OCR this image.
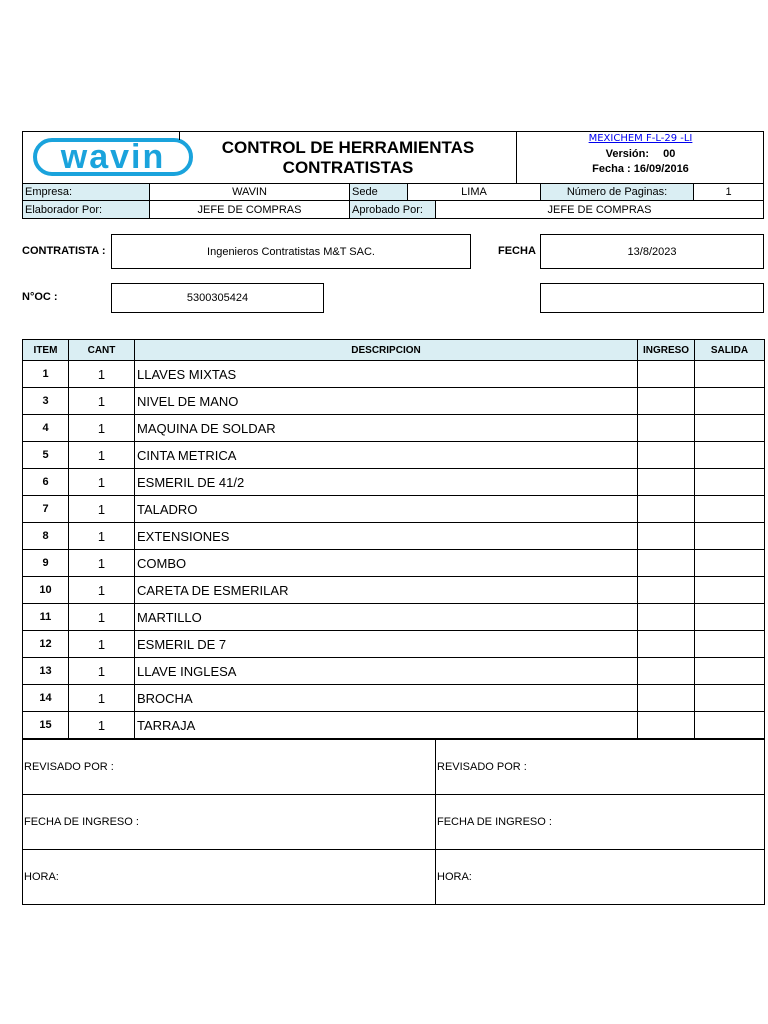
wavin	CONTROL DE HERRAMIENTAS
CONTRATISTAS
MEXICHEM F-L-29 -LI
Versión: 00
Fecha : 16/09/2016
Empresa:	WAVIN	Sede	LIMA	Número de Paginas:	1
Elaborador Por:	JEFE DE COMPRAS	Aprobado Por:	JEFE DE COMPRAS
CONTRATISTA :	Ingenieros Contratistas M&T SAC.	FECHA	13/8/2023
N°OC :	5300305424
ITEM	CANT	DESCRIPCION	INGRESO	SALIDA
1	1	LLAVES MIXTAS		
3	1	NIVEL DE MANO		
4	1	MAQUINA DE SOLDAR		
5	1	CINTA METRICA		
6	1	ESMERIL DE 41/2		
7	1	TALADRO		
8	1	EXTENSIONES		
9	1	COMBO		
10	1	CARETA DE ESMERILAR		
11	1	MARTILLO		
12	1	ESMERIL DE 7		
13	1	LLAVE INGLESA		
14	1	BROCHA		
15	1	TARRAJA		
REVISADO POR :	REVISADO POR :
FECHA DE INGRESO :	FECHA DE INGRESO :
HORA:	HORA:
